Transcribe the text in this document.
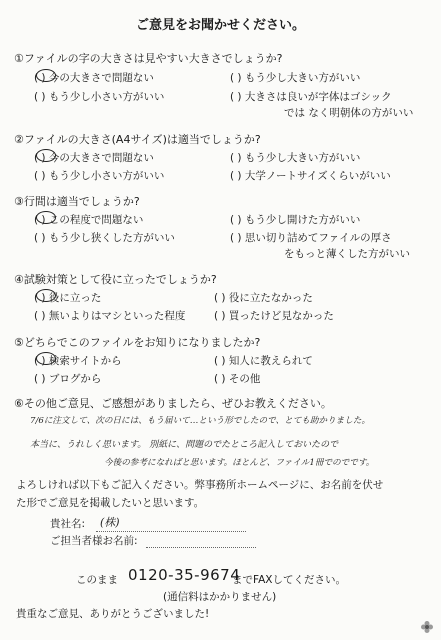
ご意見をお聞かせください。
①ファイルの字の大きさは見やすい大きさでしょうか?
( ) 今の大きさで問題ない	( ) もう少し大きい方がいい
( ) もう少し小さい方がいい	( ) 大きさは良いが字体はゴシック
では なく明朝体の方がいい
②ファイルの大きさ(A4サイズ)は適当でしょうか?
( ) 今の大きさで問題ない	( ) もう少し大きい方がいい
( ) もう少し小さい方がいい	( ) 大学ノートサイズくらいがいい
③行間は適当でしょうか?
( ) この程度で問題ない	( ) もう少し開けた方がいい
( ) もう少し狭くした方がいい	( ) 思い切り詰めてファイルの厚さ
をもっと薄くした方がいい
④試験対策として役に立ったでしょうか?
( ) 役に立った	( ) 役に立たなかった
( ) 無いよりはマシといった程度	( ) 買ったけど見なかった
⑤どちらでこのファイルをお知りになりましたか?
( ) 検索サイトから	( ) 知人に教えられて
( ) ブログから	( ) その他
⑥その他ご意見、ご感想がありましたら、ぜひお教えください。
7/6に注文して、次の日には、もう届いて…という形でしたので、とても助かりました。
本当に、うれしく思います。 別紙に、問題のでたところ記入しておいたので
今後の参考になればと思います。ほとんど、ファイル1冊でのでです。
よろしければ以下もご記入ください。弊事務所ホームページに、お名前を伏せ
た形でご意見を掲載したいと思います。
貴社名: (株)
ご担当者様お名前:
このまま 0120-35-9674
までFAXしてください。
(通信料はかかりません)
貴重なご意見、ありがとうございました!
